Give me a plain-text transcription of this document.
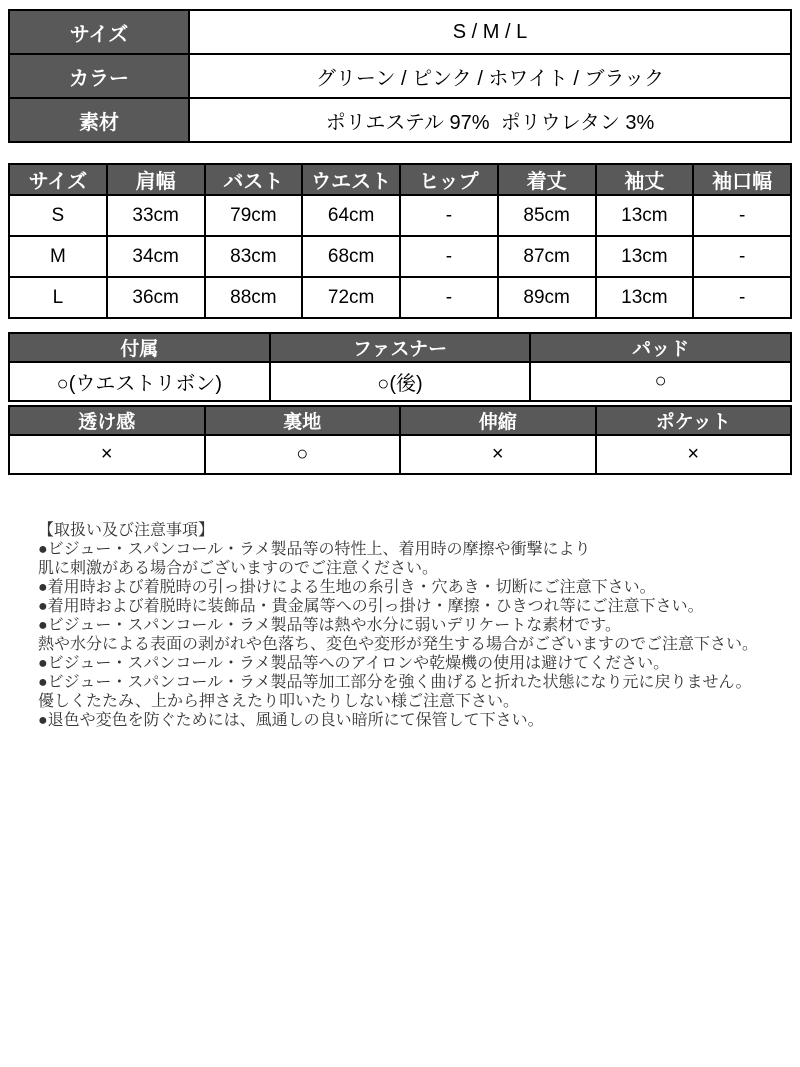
サイズ	S / M / L
カラー	グリーン / ピンク / ホワイト / ブラック
素材	ポリエステル 97%  ポリウレタン 3%
サイズ	肩幅	バスト	ウエスト	ヒップ	着丈	袖丈	袖口幅
S	33cm	79cm	64cm	-	85cm	13cm	-
M	34cm	83cm	68cm	-	87cm	13cm	-
L	36cm	88cm	72cm	-	89cm	13cm	-
付属	ファスナー	パッド
○(ウエストリボン)	○(後)	○
透け感	裏地	伸縮	ポケット
×	○	×	×
【取扱い及び注意事項】
●ビジュー・スパンコール・ラメ製品等の特性上、着用時の摩擦や衝撃により
肌に刺激がある場合がございますのでご注意ください。
●着用時および着脱時の引っ掛けによる生地の糸引き・穴あき・切断にご注意下さい。
●着用時および着脱時に装飾品・貴金属等への引っ掛け・摩擦・ひきつれ等にご注意下さい。
●ビジュー・スパンコール・ラメ製品等は熱や水分に弱いデリケートな素材です。
熱や水分による表面の剥がれや色落ち、変色や変形が発生する場合がございますのでご注意下さい。
●ビジュー・スパンコール・ラメ製品等へのアイロンや乾燥機の使用は避けてください。
●ビジュー・スパンコール・ラメ製品等加工部分を強く曲げると折れた状態になり元に戻りません。
優しくたたみ、上から押さえたり叩いたりしない様ご注意下さい。
●退色や変色を防ぐためには、風通しの良い暗所にて保管して下さい。
